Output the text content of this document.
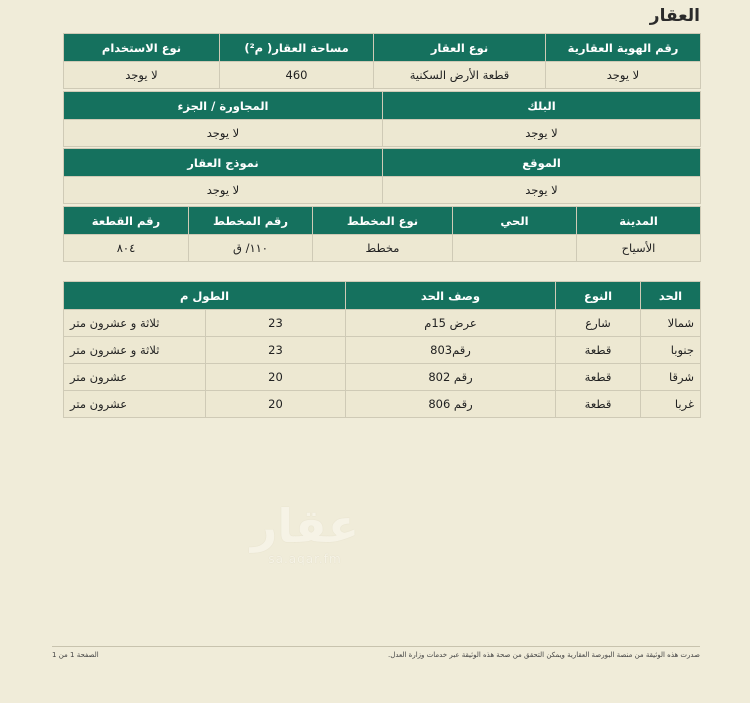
العقار
رقم الهوية العقارية	نوع العقار	مساحة العقار( م²)	نوع الاستخدام
لا يوجد	قطعة الأرض السكنية	460	لا يوجد
البلك	المجاورة / الجزء
لا يوجد	لا يوجد
الموقع	نموذج العقار
لا يوجد	لا يوجد
المدينة	الحي	نوع المخطط	رقم المخطط	رقم القطعة
الأسياح		مخطط	١١٠/ ق	٨٠٤
الحد	النوع	وصف الحد	الطول م	
شمالا	شارع	عرض 15م	23	ثلاثة و عشرون متر
جنوبا	قطعة	رقم803	23	ثلاثة و عشرون متر
شرقا	قطعة	رقم 802	20	عشرون متر
غربا	قطعة	رقم 806	20	عشرون متر
عقار
sa.aqar.fm
صدرت هذه الوثيقة من منصة البورصة العقارية ويمكن التحقق من صحة هذه الوثيقة عبر خدمات وزارة العدل.
الصفحة 1 من 1
